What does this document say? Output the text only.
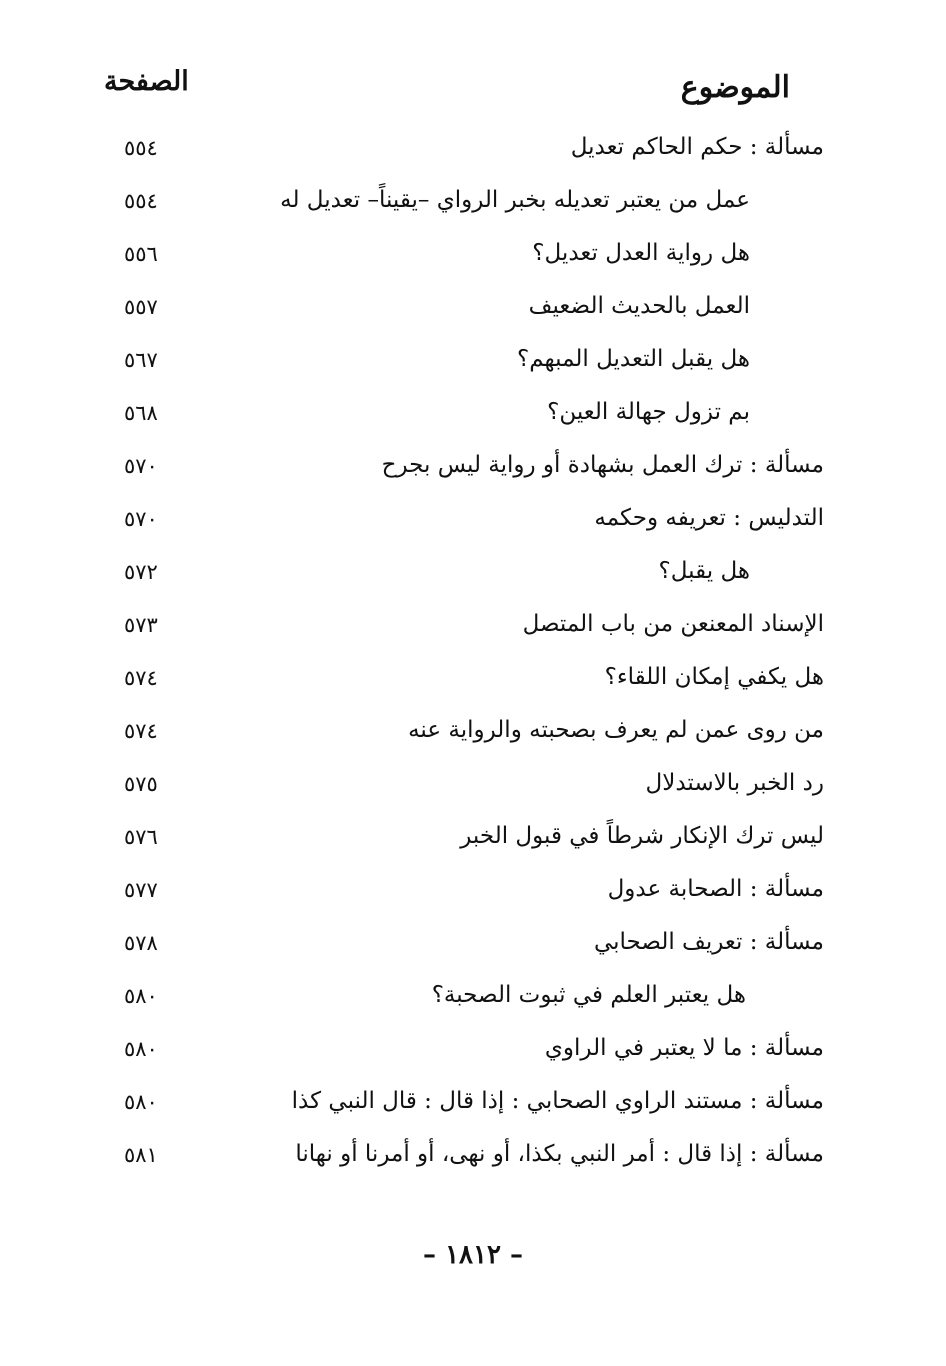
الموضوع
الصفحة
مسألة : حكم الحاكم تعديل
٥٥٤
عمل من يعتبر تعديله بخبر الرواي –يقيناً– تعديل له
٥٥٤
هل رواية العدل تعديل؟
٥٥٦
العمل بالحديث الضعيف
٥٥٧
هل يقبل التعديل المبهم؟
٥٦٧
بم تزول جهالة العين؟
٥٦٨
مسألة : ترك العمل بشهادة أو رواية ليس بجرح
٥٧٠
التدليس : تعريفه وحكمه
٥٧٠
هل يقبل؟
٥٧٢
الإسناد المعنعن من باب المتصل
٥٧٣
هل يكفي إمكان اللقاء؟
٥٧٤
من روى عمن لم يعرف بصحبته والرواية عنه
٥٧٤
رد الخبر بالاستدلال
٥٧٥
ليس ترك الإنكار شرطاً في قبول الخبر
٥٧٦
مسألة : الصحابة عدول
٥٧٧
مسألة : تعريف الصحابي
٥٧٨
هل يعتبر العلم في ثبوت الصحبة؟
٥٨٠
مسألة : ما لا يعتبر في الراوي
٥٨٠
مسألة : مستند الراوي الصحابي : إذا قال : قال النبي كذا
٥٨٠
مسألة : إذا قال : أمر النبي بكذا، أو نهى، أو أمرنا أو نهانا
٥٨١
– ١٨١٢ –
